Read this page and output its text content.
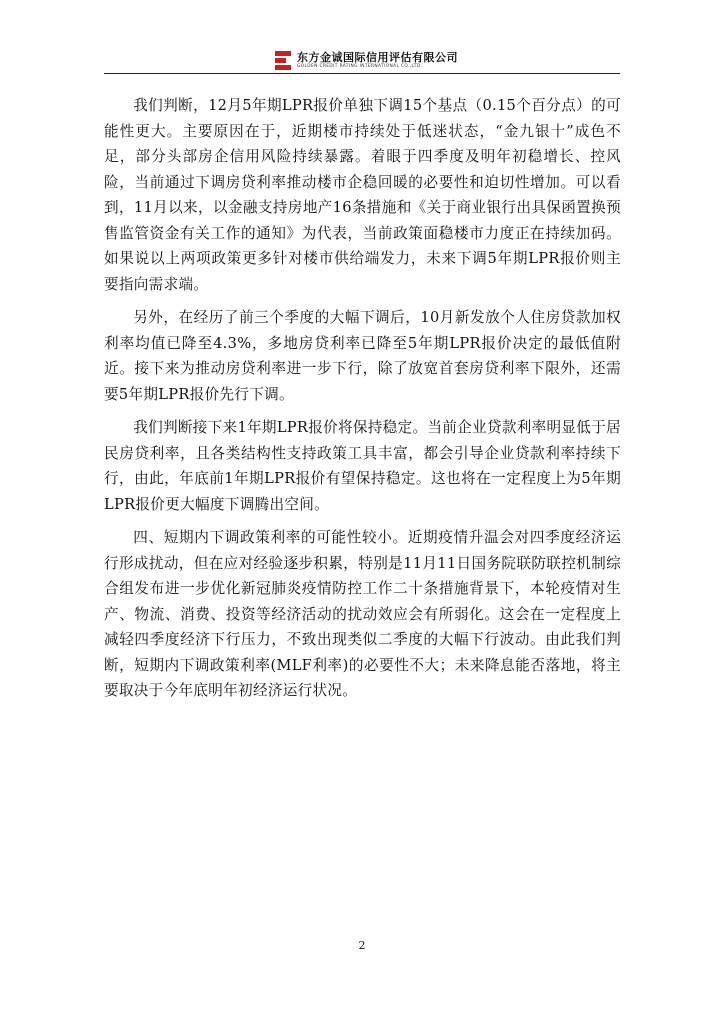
东方金诚国际信用评估有限公司
GOLDEN CREDIT RATING INTERNATIONAL CO.,LTD.

我们判断，12月5年期LPR报价单独下调15个基点（0.15个百分点）的可能性更大。主要原因在于，近期楼市持续处于低迷状态，“金九银十”成色不足，部分头部房企信用风险持续暴露。着眼于四季度及明年初稳增长、控风险，当前通过下调房贷利率推动楼市企稳回暖的必要性和迫切性增加。可以看到，11月以来，以金融支持房地产16条措施和《关于商业银行出具保函置换预售监管资金有关工作的通知》为代表，当前政策面稳楼市力度正在持续加码。如果说以上两项政策更多针对楼市供给端发力，未来下调5年期LPR报价则主要指向需求端。

另外，在经历了前三个季度的大幅下调后，10月新发放个人住房贷款加权利率均值已降至4.3%，多地房贷利率已降至5年期LPR报价决定的最低值附近。接下来为推动房贷利率进一步下行，除了放宽首套房贷利率下限外，还需要5年期LPR报价先行下调。

我们判断接下来1年期LPR报价将保持稳定。当前企业贷款利率明显低于居民房贷利率，且各类结构性支持政策工具丰富，都会引导企业贷款利率持续下行，由此，年底前1年期LPR报价有望保持稳定。这也将在一定程度上为5年期LPR报价更大幅度下调腾出空间。

四、短期内下调政策利率的可能性较小。近期疫情升温会对四季度经济运行形成扰动，但在应对经验逐步积累，特别是11月11日国务院联防联控机制综合组发布进一步优化新冠肺炎疫情防控工作二十条措施背景下，本轮疫情对生产、物流、消费、投资等经济活动的扰动效应会有所弱化。这会在一定程度上减轻四季度经济下行压力，不致出现类似二季度的大幅下行波动。由此我们判断，短期内下调政策利率(MLF利率)的必要性不大；未来降息能否落地，将主要取决于今年底明年初经济运行状况。

2
